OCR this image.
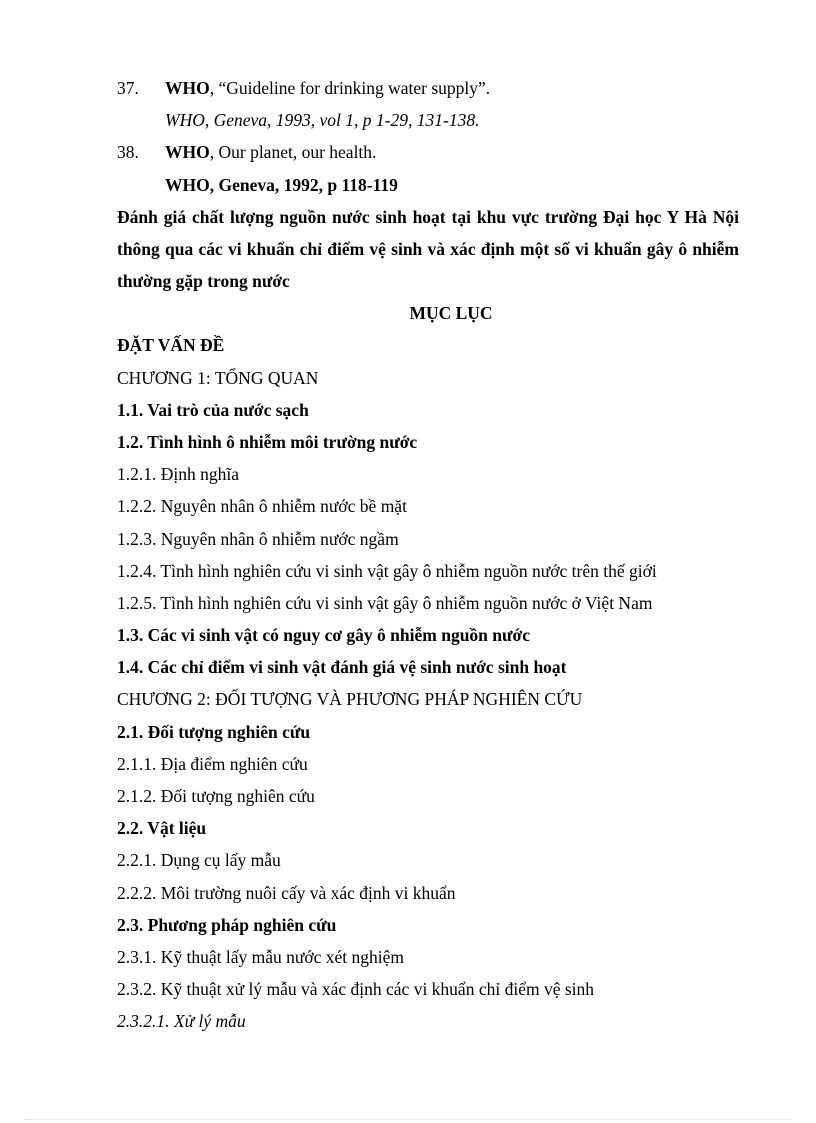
37. WHO, “Guideline for drinking water supply”.
WHO, Geneva, 1993, vol 1, p 1-29, 131-138.
38. WHO, Our planet, our health.
WHO, Geneva, 1992, p 118-119
Đánh giá chất lượng nguồn nước sinh hoạt tại khu vực trường Đại học Y Hà Nội thông qua các vi khuẩn chỉ điểm vệ sinh và xác định một số vi khuẩn gây ô nhiễm thường gặp trong nước
MỤC LỤC
ĐẶT VẤN ĐỀ
CHƯƠNG 1: TỔNG QUAN
1.1. Vai trò của nước sạch
1.2. Tình hình ô nhiễm môi trường nước
1.2.1. Định nghĩa
1.2.2. Nguyên nhân ô nhiễm nước bề mặt
1.2.3. Nguyên nhân ô nhiễm nước ngầm
1.2.4. Tình hình nghiên cứu vi sinh vật gây ô nhiễm nguồn nước trên thế giới
1.2.5. Tình hình nghiên cứu vi sinh vật gây ô nhiễm nguồn nước ở Việt Nam
1.3. Các vi sinh vật có nguy cơ gây ô nhiễm nguồn nước
1.4. Các chỉ điểm vi sinh vật đánh giá vệ sinh nước sinh hoạt
CHƯƠNG 2: ĐỐI TƯỢNG VÀ PHƯƠNG PHÁP NGHIÊN CỨU
2.1. Đối tượng nghiên cứu
2.1.1. Địa điểm nghiên cứu
2.1.2. Đối tượng nghiên cứu
2.2. Vật liệu
2.2.1. Dụng cụ lấy mẫu
2.2.2. Môi trường nuôi cấy và xác định vi khuẩn
2.3. Phương pháp nghiên cứu
2.3.1. Kỹ thuật lấy mẫu nước xét nghiệm
2.3.2. Kỹ thuật xử lý mẫu và xác định các vi khuẩn chỉ điểm vệ sinh
2.3.2.1. Xử lý mẫu
